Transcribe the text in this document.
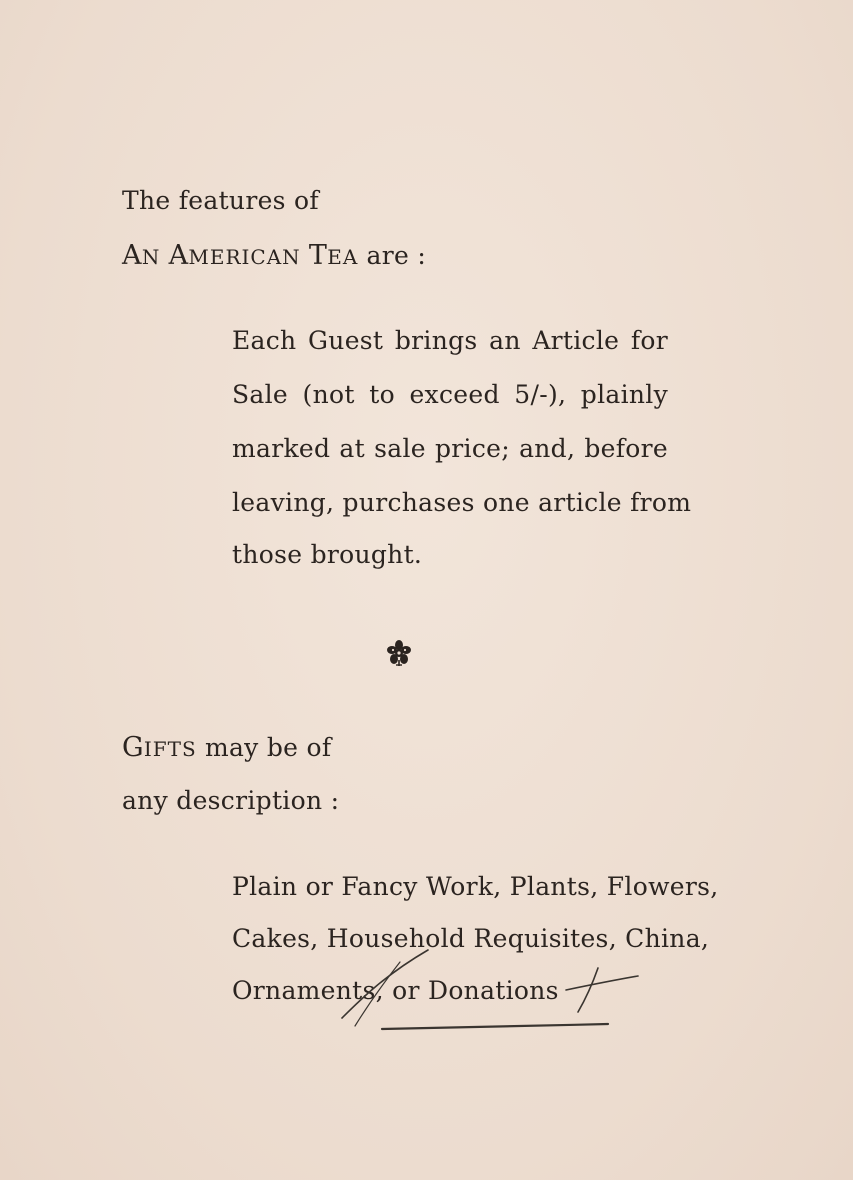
The features of
AN AMERICAN TEA are :
Each Guest brings an Article for
Sale (not to exceed 5/-), plainly
marked at sale price; and, before
leaving, purchases one article from
those brought.
GIFTS may be of
any description :
Plain or Fancy Work, Plants, Flowers,
Cakes, Household Requisites, China,
Ornaments, or Donations
